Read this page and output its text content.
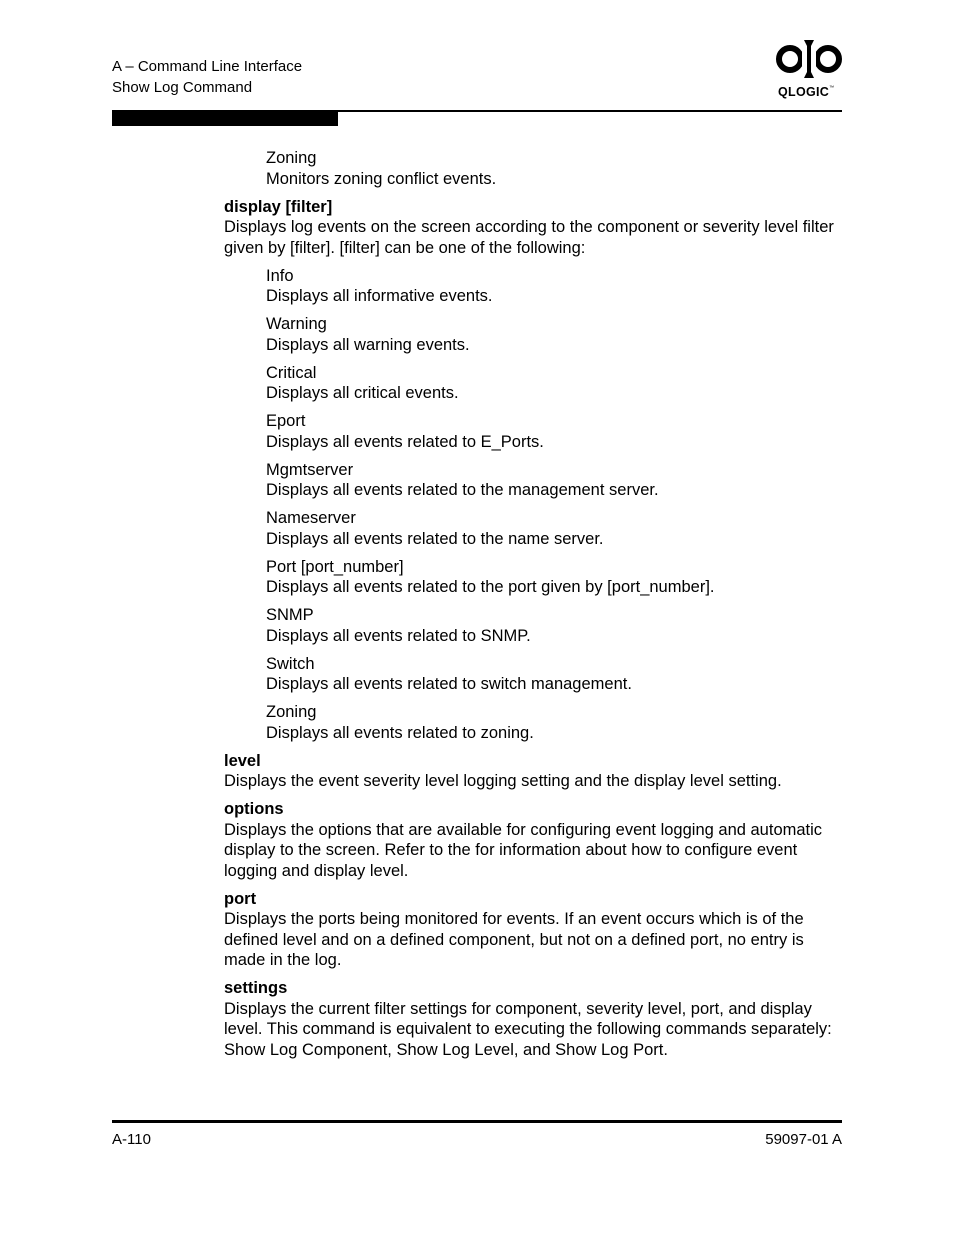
A – Command Line Interface
Show Log Command	QLOGIC™
Zoning
Monitors zoning conflict events.
display [filter]
Displays log events on the screen according to the component or severity level filter given by [filter]. [filter] can be one of the following:
Info
Displays all informative events.
Warning
Displays all warning events.
Critical
Displays all critical events.
Eport
Displays all events related to E_Ports.
Mgmtserver
Displays all events related to the management server.
Nameserver
Displays all events related to the name server.
Port [port_number]
Displays all events related to the port given by [port_number].
SNMP
Displays all events related to SNMP.
Switch
Displays all events related to switch management.
Zoning
Displays all events related to zoning.
level
Displays the event severity level logging setting and the display level setting.
options
Displays the options that are available for configuring event logging and automatic display to the screen. Refer to the for information about how to configure event logging and display level.
port
Displays the ports being monitored for events. If an event occurs which is of the defined level and on a defined component, but not on a defined port, no entry is made in the log.
settings
Displays the current filter settings for component, severity level, port, and display level. This command is equivalent to executing the following commands separately: Show Log Component, Show Log Level, and Show Log Port.
A-110	59097-01 A
